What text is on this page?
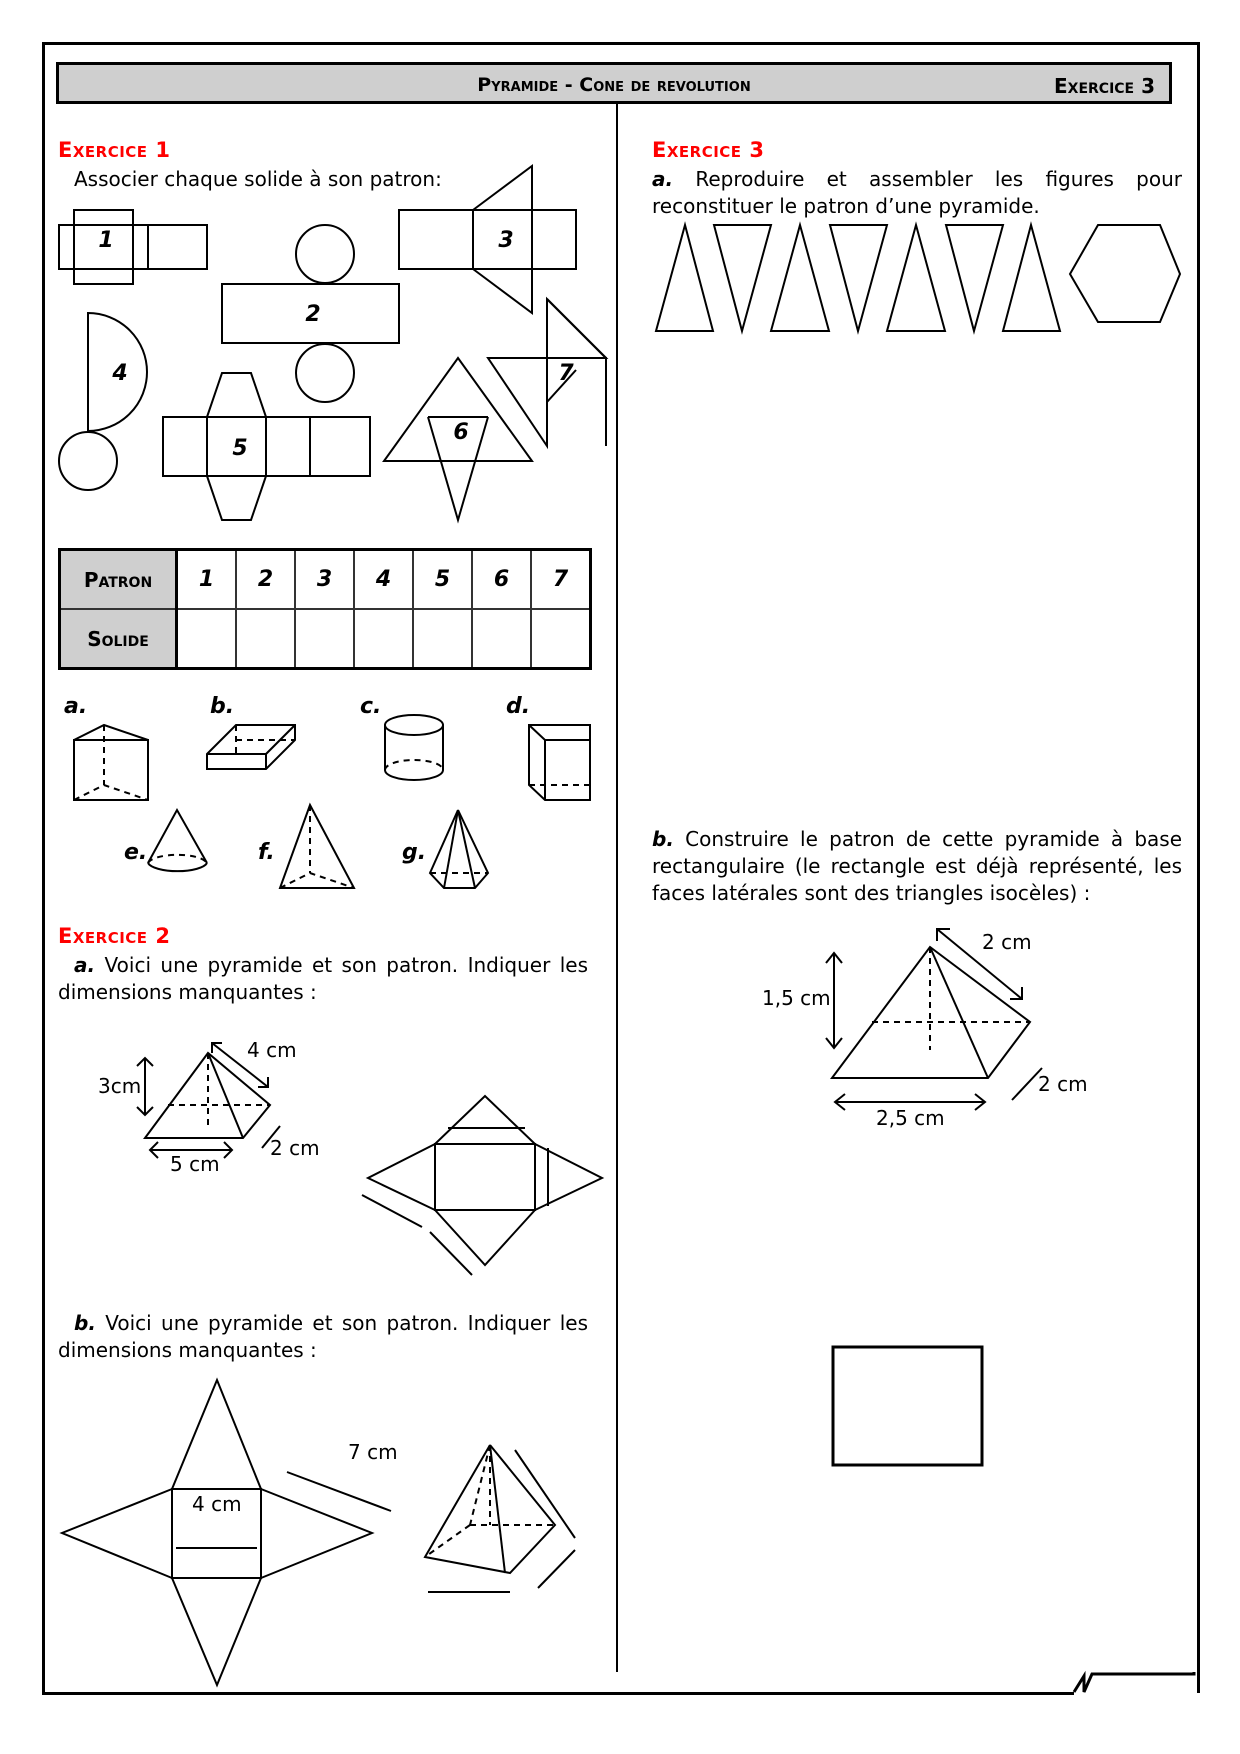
Pyramide - Cone de revolution	Exercice 3
Exercice 1
Associer chaque solide à son patron:
1
2
3
4
5
6
7
Patron	1	2	3	4	5	6	7
Solide							
a.	b.	c.	d.
e.	f.	g.
Exercice 2
a. Voici une pyramide et son patron. Indiquer les dimensions manquantes :
4 cm
3cm
2 cm
5 cm
b. Voici une pyramide et son patron. Indiquer les dimensions manquantes :
7 cm
4 cm
Exercice 3
a. Reproduire et assembler les figures pour reconstituer le patron d’une pyramide.
b. Construire le patron de cette pyramide à base rectangulaire (le rectangle est déjà représenté, les faces latérales sont des triangles isocèles) :
2 cm
1,5 cm
2 cm
2,5 cm
